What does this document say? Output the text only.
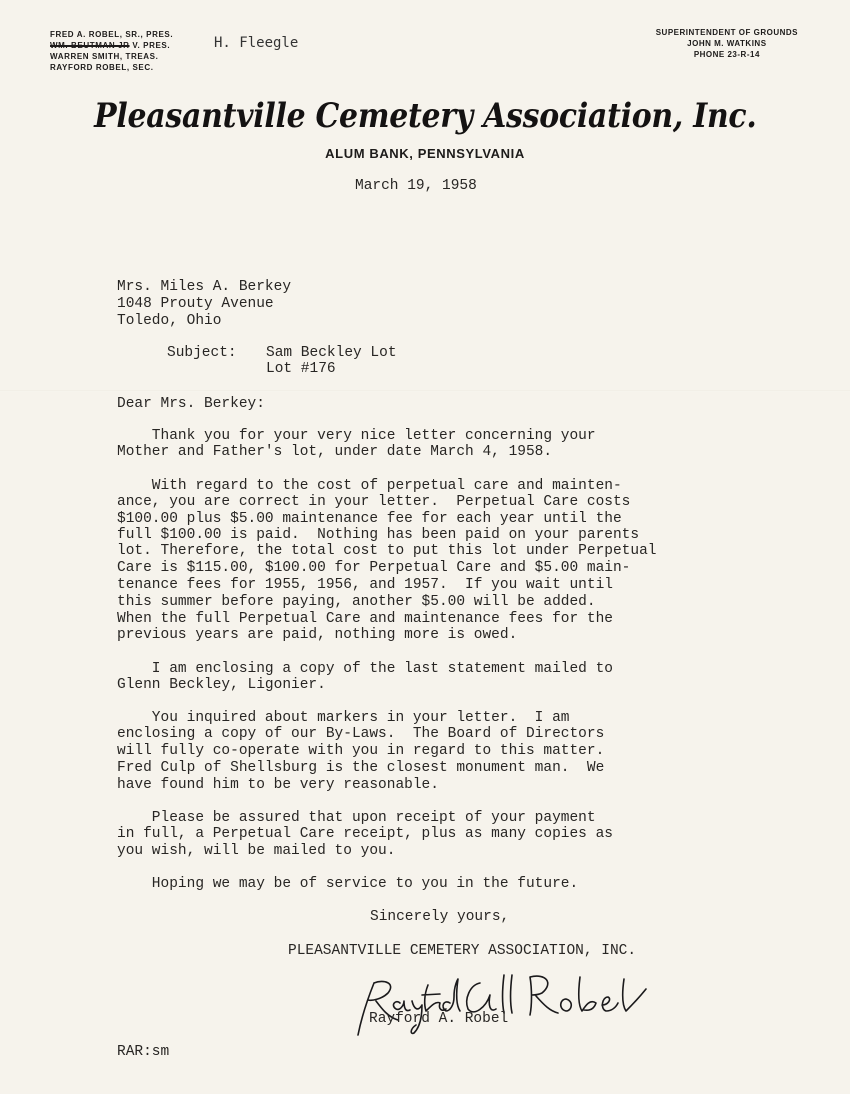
FRED A. ROBEL, SR., PRES.
WM. BEUTMAN JR V. PRES.
WARREN SMITH, TREAS.
RAYFORD ROBEL, SEC.
H. Fleegle
SUPERINTENDENT OF GROUNDS
JOHN M. WATKINS
PHONE 23-R-14
Pleasantville Cemetery Association, Inc.
ALUM BANK, PENNSYLVANIA
March 19, 1958
Mrs. Miles A. Berkey
1048 Prouty Avenue
Toledo, Ohio
Subject: Sam Beckley Lot
Lot #176
Dear Mrs. Berkey:
Thank you for your very nice letter concerning your
Mother and Father's lot, under date March 4, 1958.
With regard to the cost of perpetual care and mainten-
ance, you are correct in your letter.  Perpetual Care costs
$100.00 plus $5.00 maintenance fee for each year until the
full $100.00 is paid.  Nothing has been paid on your parents
lot. Therefore, the total cost to put this lot under Perpetual
Care is $115.00, $100.00 for Perpetual Care and $5.00 main-
tenance fees for 1955, 1956, and 1957.  If you wait until
this summer before paying, another $5.00 will be added.
When the full Perpetual Care and maintenance fees for the
previous years are paid, nothing more is owed.
I am enclosing a copy of the last statement mailed to
Glenn Beckley, Ligonier.
You inquired about markers in your letter.  I am
enclosing a copy of our By-Laws.  The Board of Directors
will fully co-operate with you in regard to this matter.
Fred Culp of Shellsburg is the closest monument man.  We
have found him to be very reasonable.
Please be assured that upon receipt of your payment
in full, a Perpetual Care receipt, plus as many copies as
you wish, will be mailed to you.
Hoping we may be of service to you in the future.
Sincerely yours,
PLEASANTVILLE CEMETERY ASSOCIATION, INC.
Rayford A. Robel
RAR:sm
